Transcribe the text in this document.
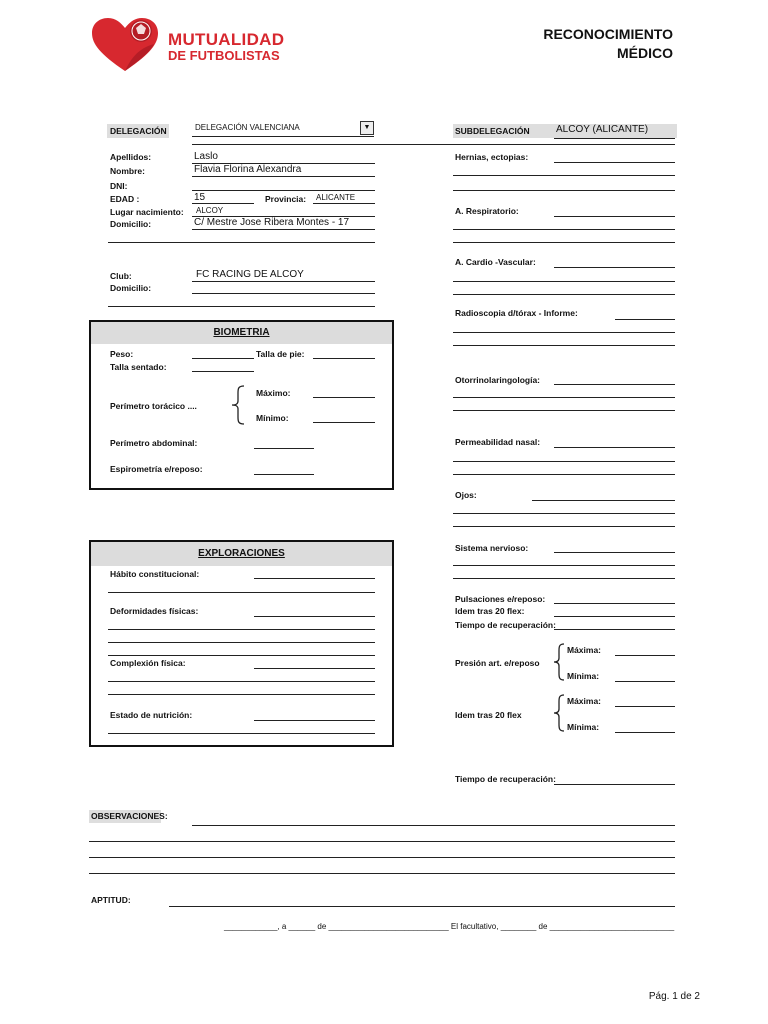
MUTUALIDAD
DE FUTBOLISTAS
RECONOCIMIENTO
MÉDICO
DELEGACIÓN	DELEGACIÓN VALENCIANA	▼	SUBDELEGACIÓN	ALCOY (ALICANTE)
Apellidos:	Laslo
Nombre:	Flavia Florina Alexandra
DNI:
EDAD :	15	Provincia: ALICANTE
Lugar nacimiento: ALCOY
Domicilio:	C/ Mestre Jose Ribera Montes - 17
Club:	FC RACING DE ALCOY
Domicilio:
BIOMETRIA
Peso:	Talla de pie:
Talla sentado:
Perímetro torácico ....
Máximo:
Mínimo:
Perímetro abdominal:
Espirometría e/reposo:
EXPLORACIONES
Hábito constitucional:
Deformidades físicas:
Complexión física:
Estado de nutrición:
Hernias, ectopias:
A. Respiratorio:
A. Cardio -Vascular:
Radioscopia d/tórax - Informe:
Otorrinolaringología:
Permeabilidad nasal:
Ojos:
Sistema nervioso:
Pulsaciones e/reposo:
Idem tras 20 flex:
Tiempo de recuperación:
Presión art. e/reposo
Máxima:
Mínima:
Idem tras 20 flex
Máxima:
Mínima:
Tiempo de recuperación:
OBSERVACIONES:
APTITUD:
____________, a ______ de ___________________________ El facultativo, ________ de ____________________________
Pág. 1 de 2
